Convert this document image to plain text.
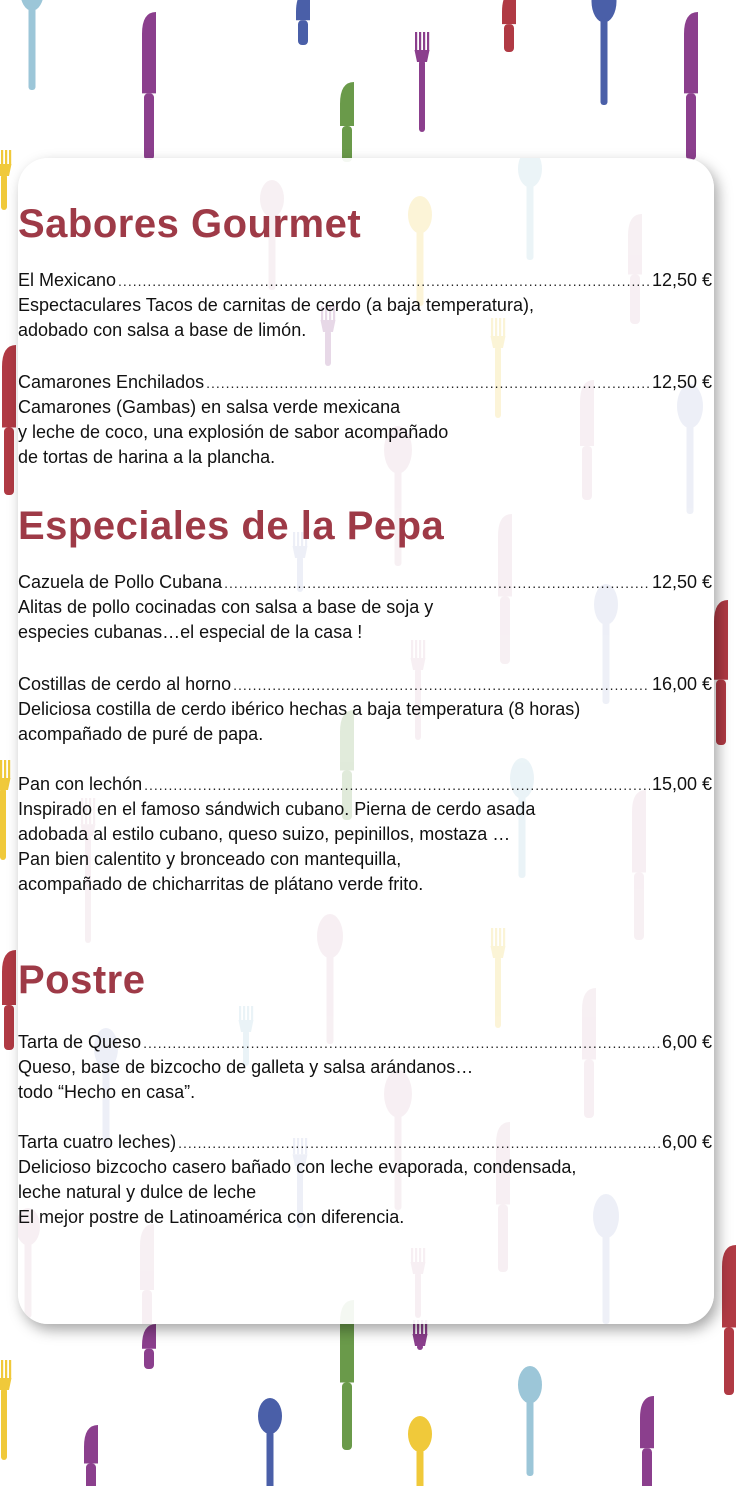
Sabores Gourmet
El Mexicano .....	12,50 €
Espectaculares Tacos de carnitas de cerdo (a baja temperatura),
adobado con salsa a base de limón.
Camarones Enchilados .....	12,50 €
Camarones (Gambas) en salsa verde mexicana
y leche de coco, una explosión de sabor acompañado
de tortas de harina a la plancha.
Especiales de la Pepa
Cazuela de Pollo Cubana .....	12,50 €
Alitas de pollo cocinadas con salsa a base de soja y
especies cubanas…el especial de la casa !
Costillas de cerdo al horno .....	16,00 €
Deliciosa costilla de cerdo ibérico hechas a baja temperatura (8 horas)
acompañado de puré de papa.
Pan con lechón .....	15,00 €
Inspirado en el famoso sándwich cubano. Pierna de cerdo asada
adobada al estilo cubano, queso suizo, pepinillos, mostaza …
Pan bien calentito y bronceado con mantequilla,
acompañado de chicharritas de plátano verde frito.
Postre
Tarta de Queso .....	6,00 €
Queso, base de bizcocho de galleta y salsa arándanos…
todo “Hecho en casa”.
Tarta cuatro leches) .....	6,00 €
Delicioso bizcocho casero bañado con leche evaporada, condensada,
leche natural y dulce de leche
El mejor postre de Latinoamérica con diferencia.
